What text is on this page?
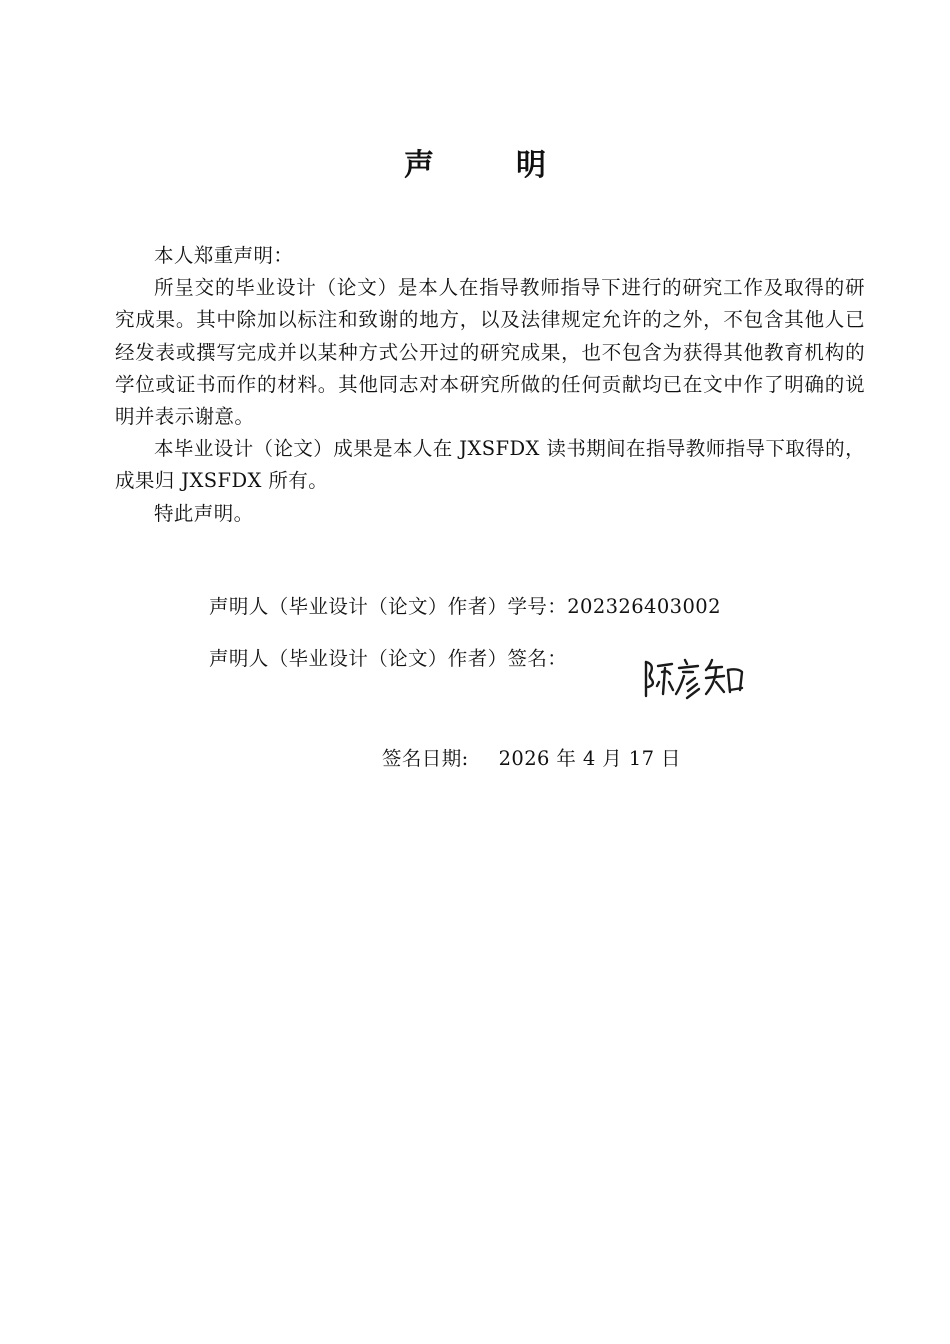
声	明

本人郑重声明：

所呈交的毕业设计（论文）是本人在指导教师指导下进行的研究工作及取得的研究成果。其中除加以标注和致谢的地方，以及法律规定允许的之外，不包含其他人已经发表或撰写完成并以某种方式公开过的研究成果，也不包含为获得其他教育机构的学位或证书而作的材料。其他同志对本研究所做的任何贡献均已在文中作了明确的说明并表示谢意。

本毕业设计（论文）成果是本人在 JXSFDX 读书期间在指导教师指导下取得的，成果归 JXSFDX 所有。

特此声明。

声明人（毕业设计（论文）作者）学号：202326403002
声明人（毕业设计（论文）作者）签名：
签名日期: 2026 年 4 月 17 日
